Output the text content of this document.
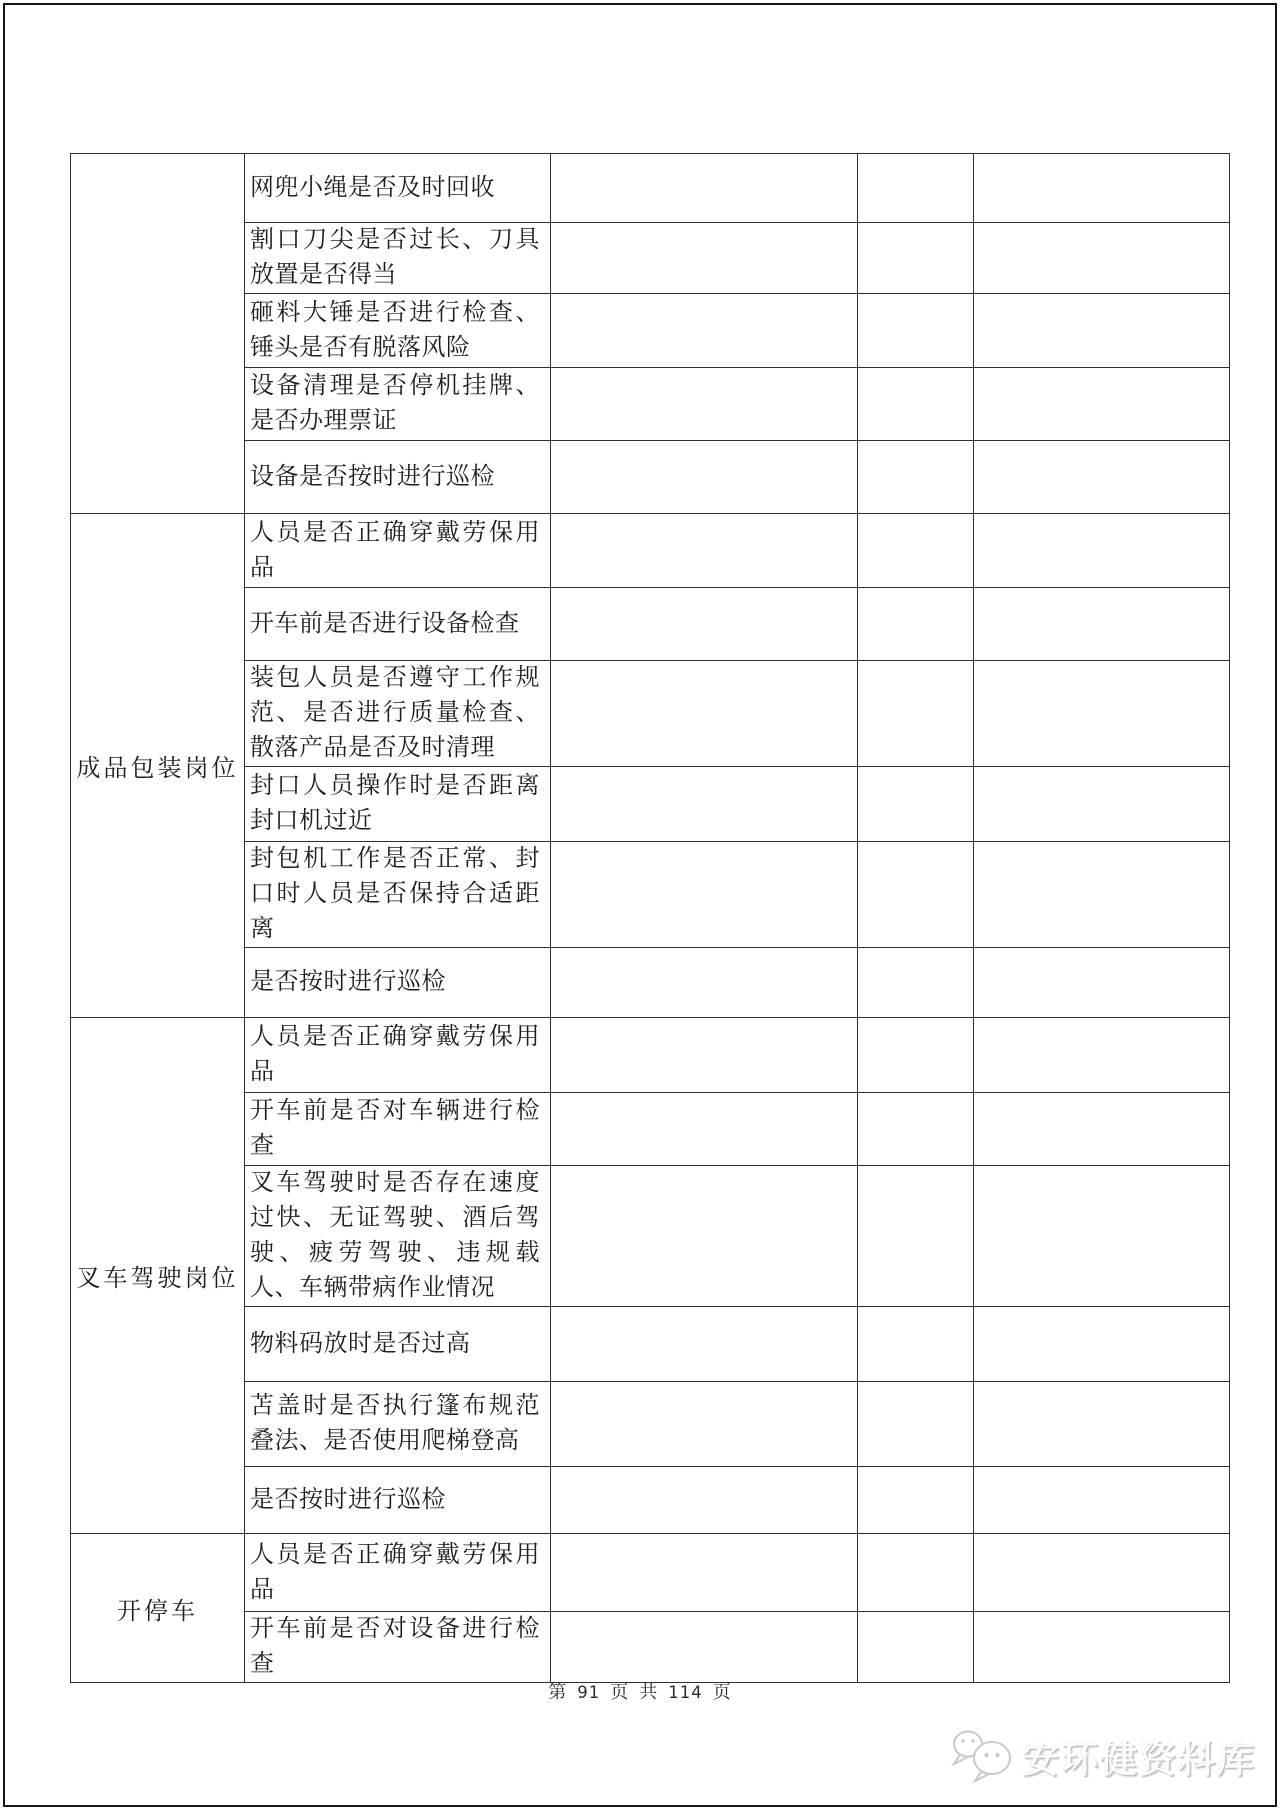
	网兜小绳是否及时回收			
	割口刀尖是否过长、刀具放置是否得当			
	砸料大锤是否进行检查、锤头是否有脱落风险			
	设备清理是否停机挂牌、是否办理票证			
	设备是否按时进行巡检			
成品包装岗位	人员是否正确穿戴劳保用品			
	开车前是否进行设备检查			
	装包人员是否遵守工作规范、是否进行质量检查、散落产品是否及时清理			
	封口人员操作时是否距离封口机过近			
	封包机工作是否正常、封口时人员是否保持合适距离			
	是否按时进行巡检			
叉车驾驶岗位	人员是否正确穿戴劳保用品			
	开车前是否对车辆进行检查			
	叉车驾驶时是否存在速度过快、无证驾驶、酒后驾驶、疲劳驾驶、违规载人、车辆带病作业情况			
	物料码放时是否过高			
	苫盖时是否执行篷布规范叠法、是否使用爬梯登高			
	是否按时进行巡检			
开停车	人员是否正确穿戴劳保用品			
	开车前是否对设备进行检查			
第 91 页 共 114 页
安环健资料库
